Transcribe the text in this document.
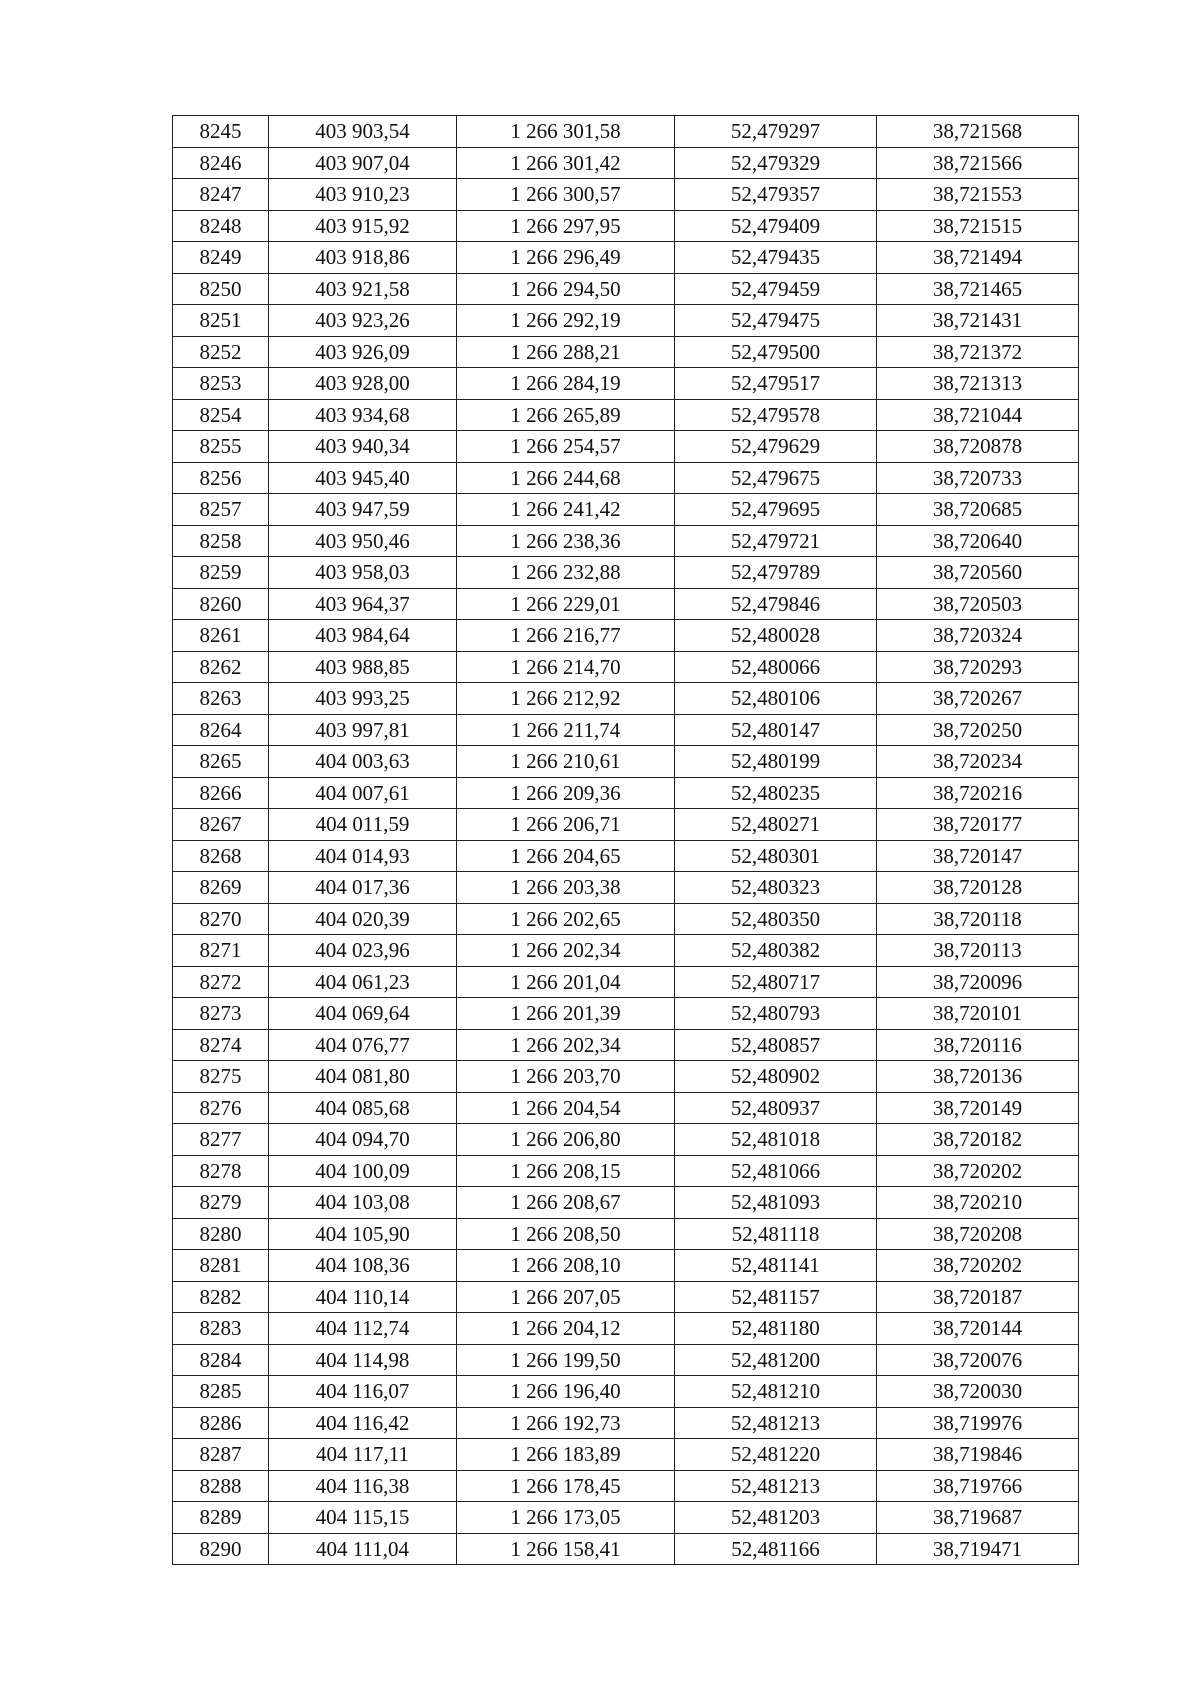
8245	403 903,54	1 266 301,58	52,479297	38,721568
8246	403 907,04	1 266 301,42	52,479329	38,721566
8247	403 910,23	1 266 300,57	52,479357	38,721553
8248	403 915,92	1 266 297,95	52,479409	38,721515
8249	403 918,86	1 266 296,49	52,479435	38,721494
8250	403 921,58	1 266 294,50	52,479459	38,721465
8251	403 923,26	1 266 292,19	52,479475	38,721431
8252	403 926,09	1 266 288,21	52,479500	38,721372
8253	403 928,00	1 266 284,19	52,479517	38,721313
8254	403 934,68	1 266 265,89	52,479578	38,721044
8255	403 940,34	1 266 254,57	52,479629	38,720878
8256	403 945,40	1 266 244,68	52,479675	38,720733
8257	403 947,59	1 266 241,42	52,479695	38,720685
8258	403 950,46	1 266 238,36	52,479721	38,720640
8259	403 958,03	1 266 232,88	52,479789	38,720560
8260	403 964,37	1 266 229,01	52,479846	38,720503
8261	403 984,64	1 266 216,77	52,480028	38,720324
8262	403 988,85	1 266 214,70	52,480066	38,720293
8263	403 993,25	1 266 212,92	52,480106	38,720267
8264	403 997,81	1 266 211,74	52,480147	38,720250
8265	404 003,63	1 266 210,61	52,480199	38,720234
8266	404 007,61	1 266 209,36	52,480235	38,720216
8267	404 011,59	1 266 206,71	52,480271	38,720177
8268	404 014,93	1 266 204,65	52,480301	38,720147
8269	404 017,36	1 266 203,38	52,480323	38,720128
8270	404 020,39	1 266 202,65	52,480350	38,720118
8271	404 023,96	1 266 202,34	52,480382	38,720113
8272	404 061,23	1 266 201,04	52,480717	38,720096
8273	404 069,64	1 266 201,39	52,480793	38,720101
8274	404 076,77	1 266 202,34	52,480857	38,720116
8275	404 081,80	1 266 203,70	52,480902	38,720136
8276	404 085,68	1 266 204,54	52,480937	38,720149
8277	404 094,70	1 266 206,80	52,481018	38,720182
8278	404 100,09	1 266 208,15	52,481066	38,720202
8279	404 103,08	1 266 208,67	52,481093	38,720210
8280	404 105,90	1 266 208,50	52,481118	38,720208
8281	404 108,36	1 266 208,10	52,481141	38,720202
8282	404 110,14	1 266 207,05	52,481157	38,720187
8283	404 112,74	1 266 204,12	52,481180	38,720144
8284	404 114,98	1 266 199,50	52,481200	38,720076
8285	404 116,07	1 266 196,40	52,481210	38,720030
8286	404 116,42	1 266 192,73	52,481213	38,719976
8287	404 117,11	1 266 183,89	52,481220	38,719846
8288	404 116,38	1 266 178,45	52,481213	38,719766
8289	404 115,15	1 266 173,05	52,481203	38,719687
8290	404 111,04	1 266 158,41	52,481166	38,719471
